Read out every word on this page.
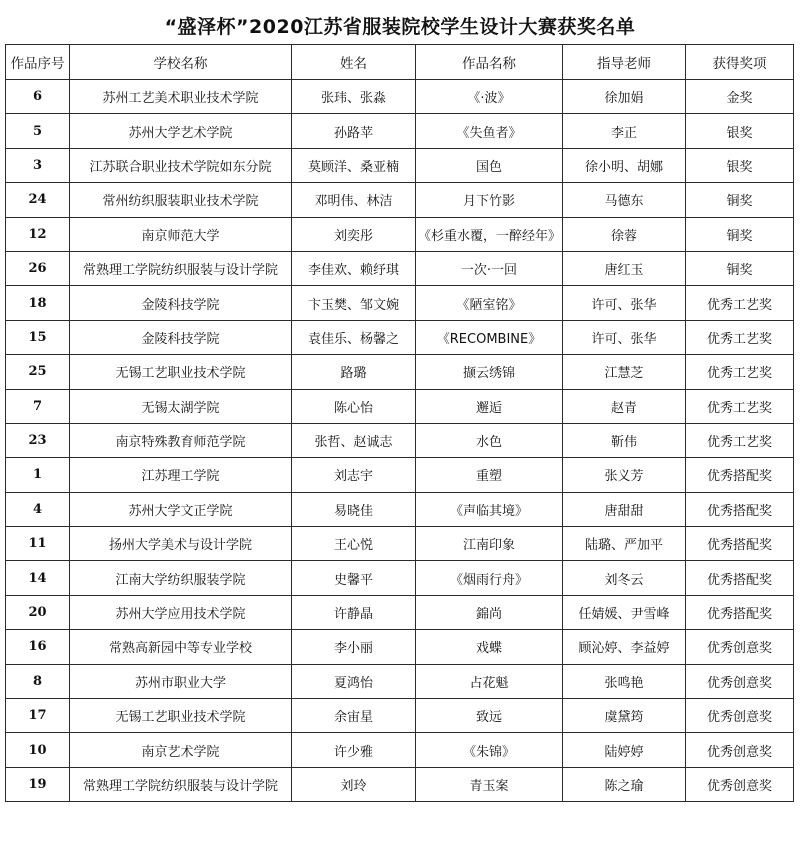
“盛泽杯”2020江苏省服装院校学生设计大赛获奖名单
作品序号	学校名称	姓名	作品名称	指导老师	获得奖项
6	苏州工艺美术职业技术学院	张玮、张淼	《·波》	徐加娟	金奖
5	苏州大学艺术学院	孙路苹	《失鱼者》	李正	银奖
3	江苏联合职业技术学院如东分院	莫顾洋、桑亚楠	国色	徐小明、胡娜	银奖
24	常州纺织服装职业技术学院	邓明伟、林洁	月下竹影	马德东	铜奖
12	南京师范大学	刘奕彤	《杉重水覆，一醉经年》	徐蓉	铜奖
26	常熟理工学院纺织服装与设计学院	李佳欢、赖纾琪	一次·一回	唐红玉	铜奖
18	金陵科技学院	卞玉樊、邹文婉	《陋室铭》	许可、张华	优秀工艺奖
15	金陵科技学院	袁佳乐、杨馨之	《RECOMBINE》	许可、张华	优秀工艺奖
25	无锡工艺职业技术学院	路璐	撷云绣锦	江慧芝	优秀工艺奖
7	无锡太湖学院	陈心怡	邂逅	赵青	优秀工艺奖
23	南京特殊教育师范学院	张哲、赵诚志	水色	靳伟	优秀工艺奖
1	江苏理工学院	刘志宇	重塑	张义芳	优秀搭配奖
4	苏州大学文正学院	易晓佳	《声临其境》	唐甜甜	优秀搭配奖
11	扬州大学美术与设计学院	王心悦	江南印象	陆璐、严加平	优秀搭配奖
14	江南大学纺织服装学院	史馨平	《烟雨行舟》	刘冬云	优秀搭配奖
20	苏州大学应用技术学院	许静晶	錦尚	任婧媛、尹雪峰	优秀搭配奖
16	常熟高新园中等专业学校	李小丽	戏蝶	顾沁婷、李益婷	优秀创意奖
8	苏州市职业大学	夏鸿怡	占花魁	张鸣艳	优秀创意奖
17	无锡工艺职业技术学院	余宙星	致远	虞黛筠	优秀创意奖
10	南京艺术学院	许少雅	《朱锦》	陆婷婷	优秀创意奖
19	常熟理工学院纺织服装与设计学院	刘玲	青玉案	陈之瑜	优秀创意奖
